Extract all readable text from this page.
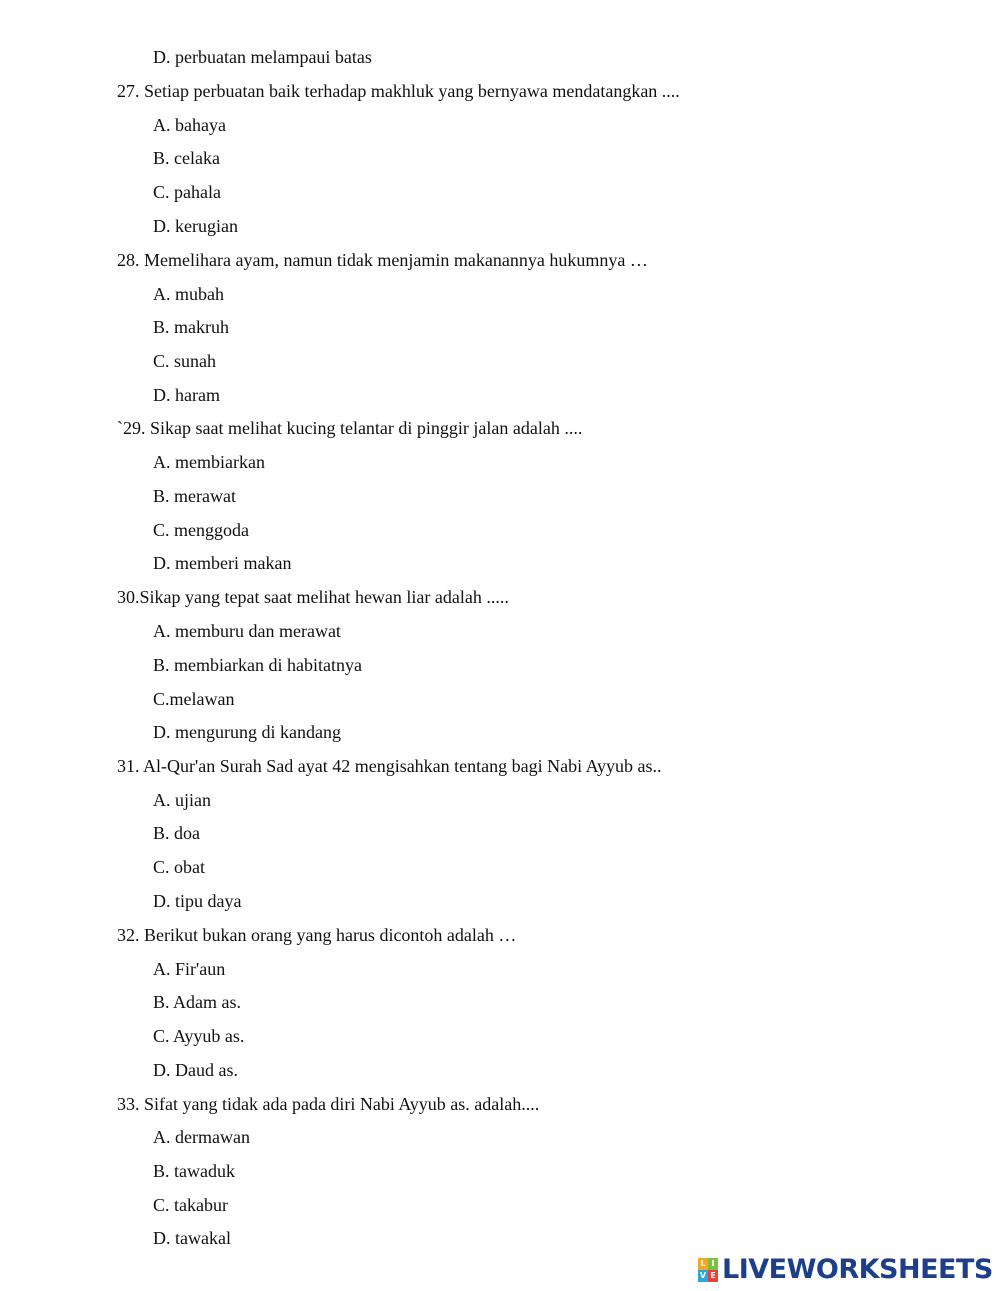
D. perbuatan melampaui batas
27. Setiap perbuatan baik terhadap makhluk yang bernyawa mendatangkan ....
A. bahaya
B. celaka
C. pahala
D. kerugian
28. Memelihara ayam, namun tidak menjamin makanannya hukumnya …
A. mubah
B. makruh
C. sunah
D. haram
`29. Sikap saat melihat kucing telantar di pinggir jalan adalah ....
A. membiarkan
B. merawat
C. menggoda
D. memberi makan
30.Sikap yang tepat saat melihat hewan liar adalah .....
A. memburu dan merawat
B. membiarkan di habitatnya
C.melawan
D. mengurung di kandang
31. Al-Qur'an Surah Sad ayat 42 mengisahkan tentang bagi Nabi Ayyub as..
A. ujian
B. doa
C. obat
D. tipu daya
32. Berikut bukan orang yang harus dicontoh adalah …
A. Fir'aun
B. Adam as.
C. Ayyub as.
D. Daud as.
33. Sifat yang tidak ada pada diri Nabi Ayyub as. adalah....
A. dermawan
B. tawaduk
C. takabur
D. tawakal
L I
V E LIVEWORKSHEETS
